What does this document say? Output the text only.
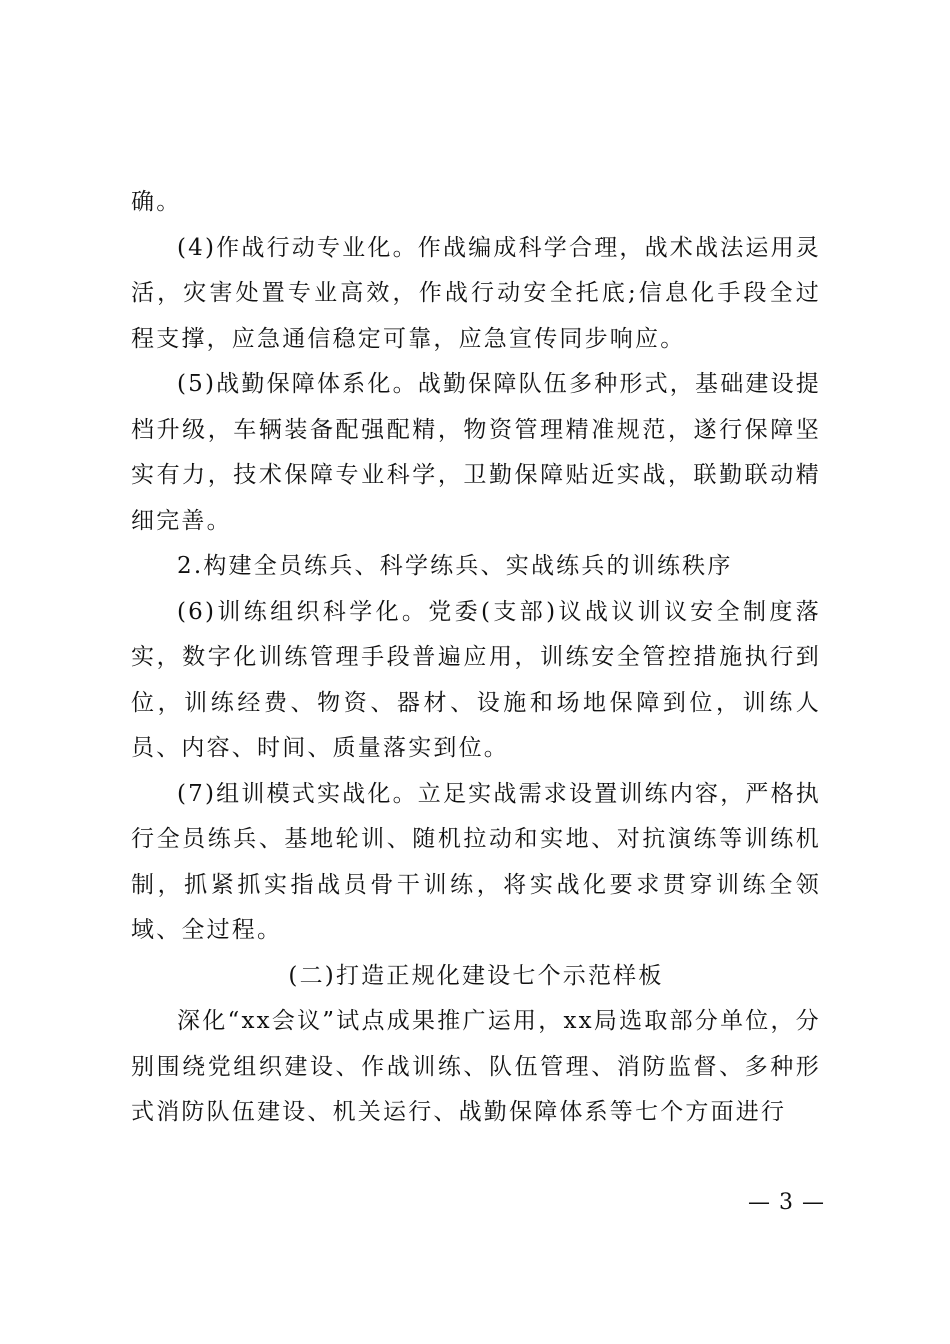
确。

(4)作战行动专业化。作战编成科学合理，战术战法运用灵活，灾害处置专业高效，作战行动安全托底;信息化手段全过程支撑，应急通信稳定可靠，应急宣传同步响应。

(5)战勤保障体系化。战勤保障队伍多种形式，基础建设提档升级，车辆装备配强配精，物资管理精准规范，遂行保障坚实有力，技术保障专业科学，卫勤保障贴近实战，联勤联动精细完善。

2.构建全员练兵、科学练兵、实战练兵的训练秩序

(6)训练组织科学化。党委(支部)议战议训议安全制度落实，数字化训练管理手段普遍应用，训练安全管控措施执行到位，训练经费、物资、器材、设施和场地保障到位，训练人员、内容、时间、质量落实到位。

(7)组训模式实战化。立足实战需求设置训练内容，严格执行全员练兵、基地轮训、随机拉动和实地、对抗演练等训练机制，抓紧抓实指战员骨干训练，将实战化要求贯穿训练全领域、全过程。

(二)打造正规化建设七个示范样板

深化“xx会议”试点成果推广运用，xx局选取部分单位，分别围绕党组织建设、作战训练、队伍管理、消防监督、多种形式消防队伍建设、机关运行、战勤保障体系等七个方面进行

— 3 —
